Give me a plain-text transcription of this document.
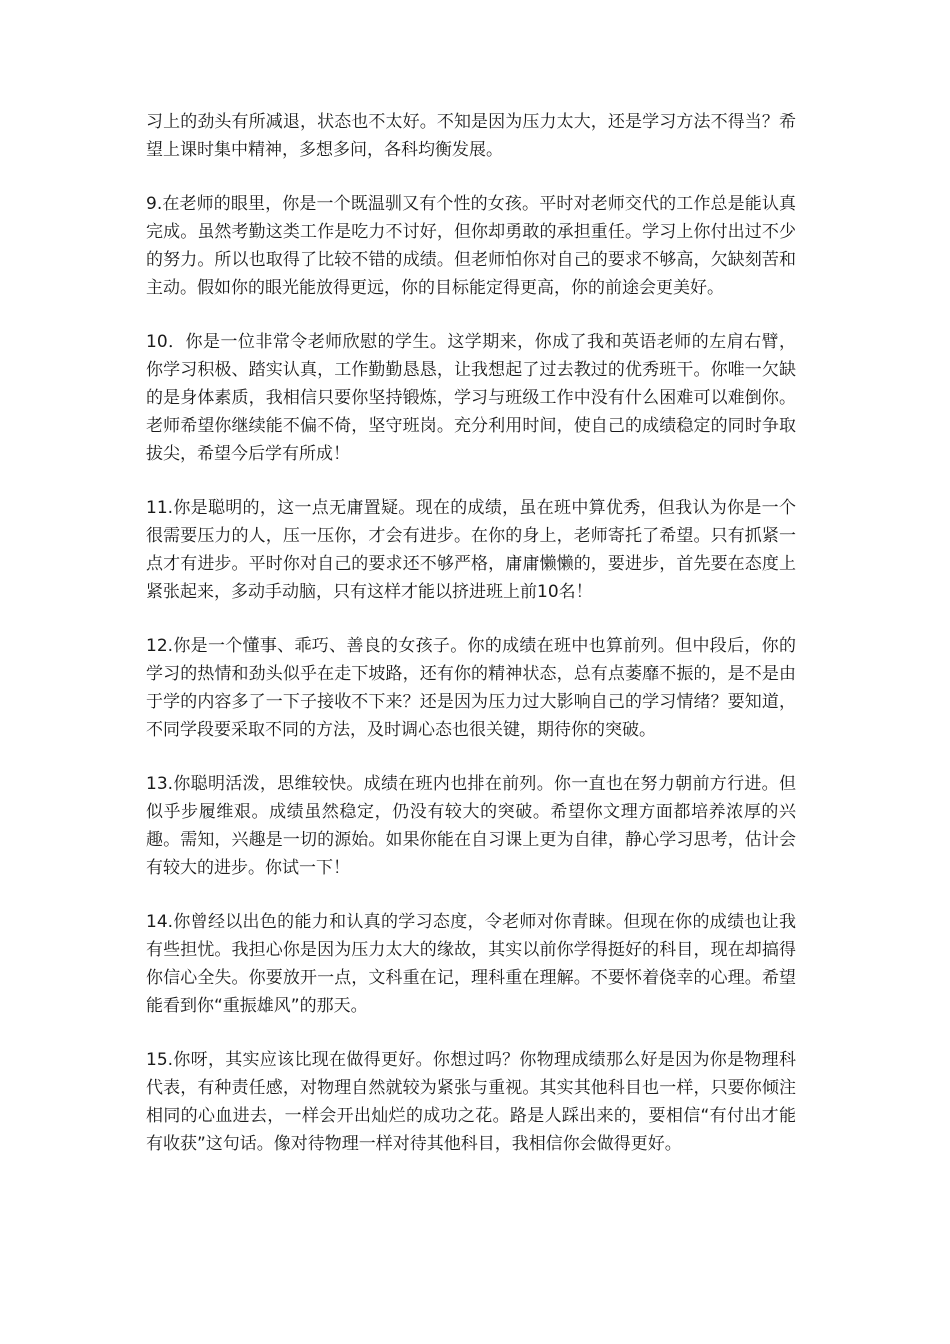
习上的劲头有所减退，状态也不太好。不知是因为压力太大，还是学习方法不得当？希望上课时集中精神，多想多问，各科均衡发展。

9.在老师的眼里，你是一个既温驯又有个性的女孩。平时对老师交代的工作总是能认真完成。虽然考勤这类工作是吃力不讨好，但你却勇敢的承担重任。学习上你付出过不少的努力。所以也取得了比较不错的成绩。但老师怕你对自己的要求不够高，欠缺刻苦和主动。假如你的眼光能放得更远，你的目标能定得更高，你的前途会更美好。

10．你是一位非常令老师欣慰的学生。这学期来，你成了我和英语老师的左肩右臂，你学习积极、踏实认真，工作勤勤恳恳，让我想起了过去教过的优秀班干。你唯一欠缺的是身体素质，我相信只要你坚持锻炼，学习与班级工作中没有什么困难可以难倒你。老师希望你继续能不偏不倚，坚守班岗。充分利用时间，使自己的成绩稳定的同时争取拔尖，希望今后学有所成！

11.你是聪明的，这一点无庸置疑。现在的成绩，虽在班中算优秀，但我认为你是一个很需要压力的人，压一压你，才会有进步。在你的身上，老师寄托了希望。只有抓紧一点才有进步。平时你对自己的要求还不够严格，庸庸懒懒的，要进步，首先要在态度上紧张起来，多动手动脑，只有这样才能以挤进班上前10名！

12.你是一个懂事、乖巧、善良的女孩子。你的成绩在班中也算前列。但中段后，你的学习的热情和劲头似乎在走下坡路，还有你的精神状态，总有点萎靡不振的，是不是由于学的内容多了一下子接收不下来？还是因为压力过大影响自己的学习情绪？要知道，不同学段要采取不同的方法，及时调心态也很关键，期待你的突破。

13.你聪明活泼，思维较快。成绩在班内也排在前列。你一直也在努力朝前方行进。但似乎步履维艰。成绩虽然稳定，仍没有较大的突破。希望你文理方面都培养浓厚的兴趣。需知，兴趣是一切的源始。如果你能在自习课上更为自律，静心学习思考，估计会有较大的进步。你试一下！

14.你曾经以出色的能力和认真的学习态度，令老师对你青睐。但现在你的成绩也让我有些担忧。我担心你是因为压力太大的缘故，其实以前你学得挺好的科目，现在却搞得你信心全失。你要放开一点，文科重在记，理科重在理解。不要怀着侥幸的心理。希望能看到你“重振雄风”的那天。

15.你呀，其实应该比现在做得更好。你想过吗？你物理成绩那么好是因为你是物理科代表，有种责任感，对物理自然就较为紧张与重视。其实其他科目也一样，只要你倾注相同的心血进去，一样会开出灿烂的成功之花。路是人踩出来的，要相信“有付出才能有收获”这句话。像对待物理一样对待其他科目，我相信你会做得更好。
